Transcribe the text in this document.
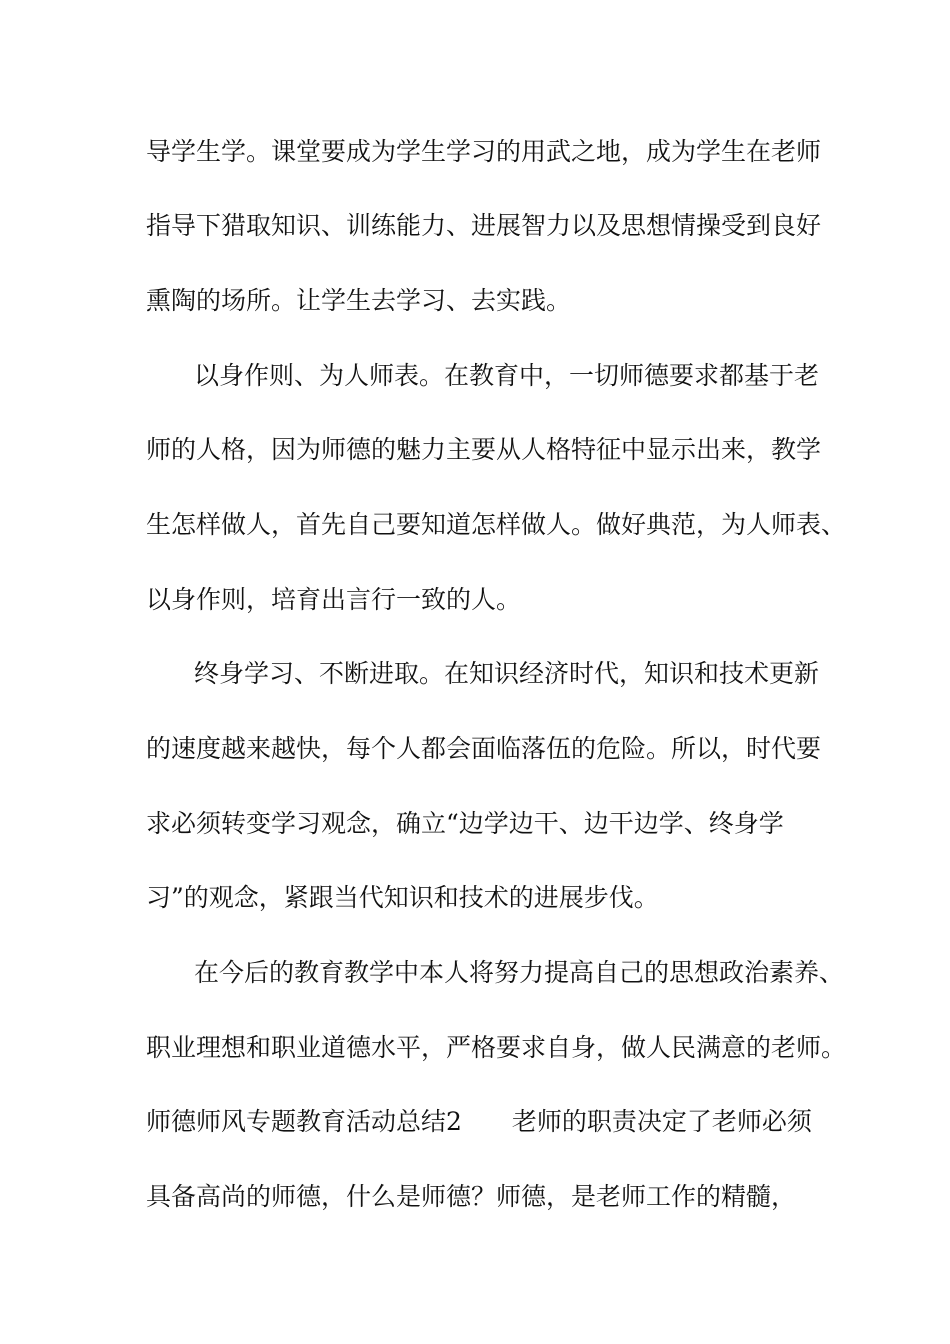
导学生学。课堂要成为学生学习的用武之地，成为学生在老师
指导下猎取知识、训练能力、进展智力以及思想情操受到良好
熏陶的场所。让学生去学习、去实践。
以身作则、为人师表。在教育中，一切师德要求都基于老
师的人格，因为师德的魅力主要从人格特征中显示出来，教学
生怎样做人，首先自己要知道怎样做人。做好典范，为人师表、
以身作则，培育出言行一致的人。
终身学习、不断进取。在知识经济时代，知识和技术更新
的速度越来越快，每个人都会面临落伍的危险。所以，时代要
求必须转变学习观念，确立“边学边干、边干边学、终身学
习”的观念，紧跟当代知识和技术的进展步伐。
在今后的教育教学中本人将努力提高自己的思想政治素养、
职业理想和职业道德水平，严格要求自身，做人民满意的老师。
师德师风专题教育活动总结2　　老师的职责决定了老师必须
具备高尚的师德，什么是师德？师德，是老师工作的精髓，
